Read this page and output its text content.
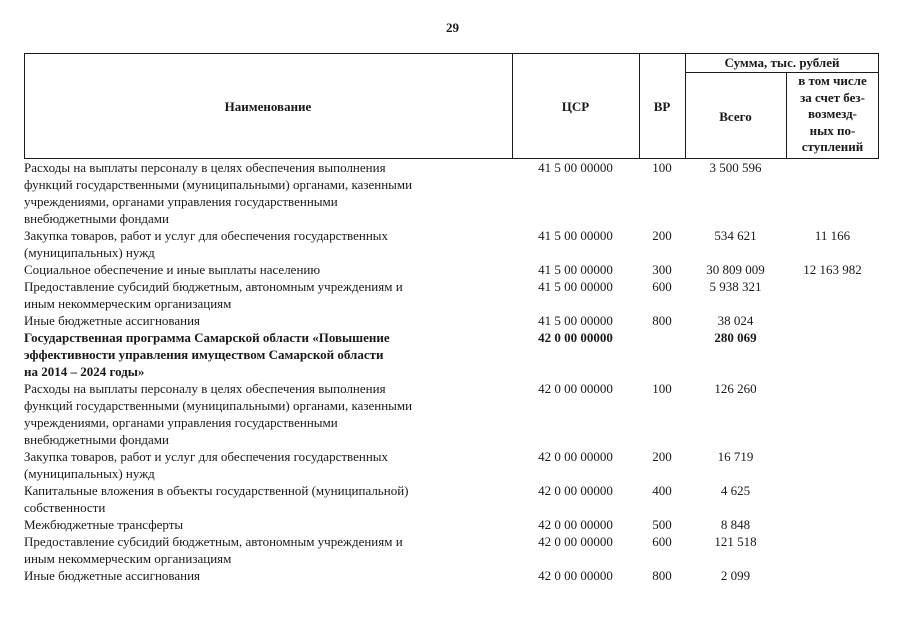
29
Наименование	ЦСР	ВР
Сумма, тыс. рублей
Всего
в том числе
за счет без-
возмезд-
ных по-
ступлений
Расходы на выплаты персоналу в целях обеспечения выполнения
функций государственными (муниципальными) органами, казенными
учреждениями, органами управления государственными
внебюджетными фондами	41 5 00 00000	100	3 500 596	

Закупка товаров, работ и услуг для обеспечения государственных
(муниципальных) нужд	41 5 00 00000	200	534 621	11 166

Социальное обеспечение и иные выплаты населению	41 5 00 00000	300	30 809 009	12 163 982

Предоставление субсидий бюджетным, автономным учреждениям и
иным некоммерческим организациям	41 5 00 00000	600	5 938 321	

Иные бюджетные ассигнования	41 5 00 00000	800	38 024	

Государственная программа Самарской области «Повышение
эффективности управления имуществом Самарской области
на 2014 – 2024 годы»	42 0 00 00000		280 069	

Расходы на выплаты персоналу в целях обеспечения выполнения
функций государственными (муниципальными) органами, казенными
учреждениями, органами управления государственными
внебюджетными фондами	42 0 00 00000	100	126 260	

Закупка товаров, работ и услуг для обеспечения государственных
(муниципальных) нужд	42 0 00 00000	200	16 719	

Капитальные вложения в объекты государственной (муниципальной)
собственности	42 0 00 00000	400	4 625	

Межбюджетные трансферты	42 0 00 00000	500	8 848	

Предоставление субсидий бюджетным, автономным учреждениям и
иным некоммерческим организациям	42 0 00 00000	600	121 518	

Иные бюджетные ассигнования	42 0 00 00000	800	2 099	
